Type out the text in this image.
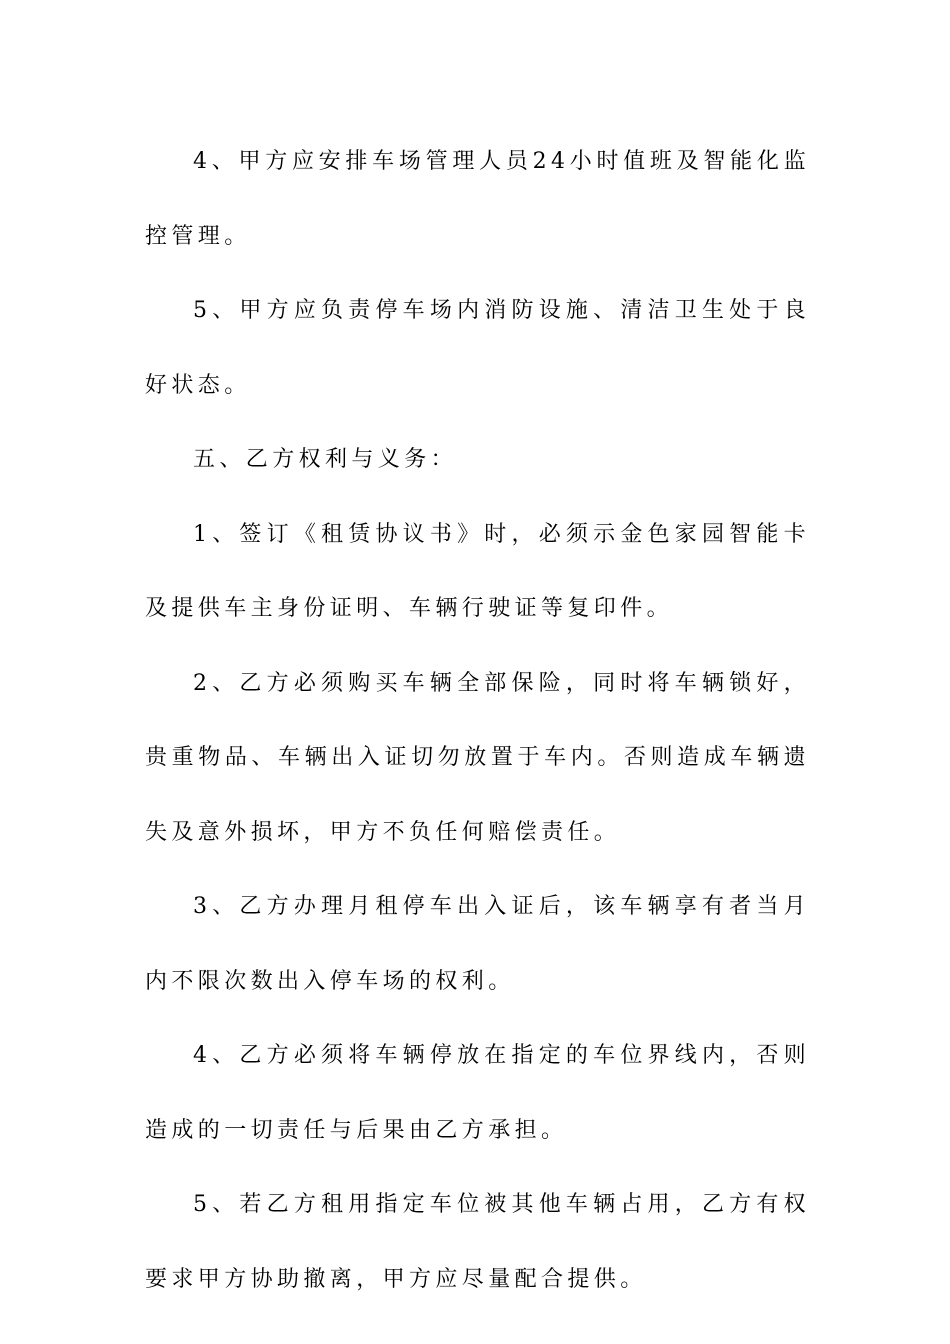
4、甲方应安排车场管理人员24小时值班及智能化监控管理。

5、甲方应负责停车场内消防设施、清洁卫生处于良好状态。

五、乙方权利与义务：

1、签订《租赁协议书》时，必须示金色家园智能卡及提供车主身份证明、车辆行驶证等复印件。

2、乙方必须购买车辆全部保险，同时将车辆锁好，贵重物品、车辆出入证切勿放置于车内。否则造成车辆遗失及意外损坏，甲方不负任何赔偿责任。

3、乙方办理月租停车出入证后，该车辆享有者当月内不限次数出入停车场的权利。

4、乙方必须将车辆停放在指定的车位界线内，否则造成的一切责任与后果由乙方承担。

5、若乙方租用指定车位被其他车辆占用，乙方有权要求甲方协助撤离，甲方应尽量配合提供。
